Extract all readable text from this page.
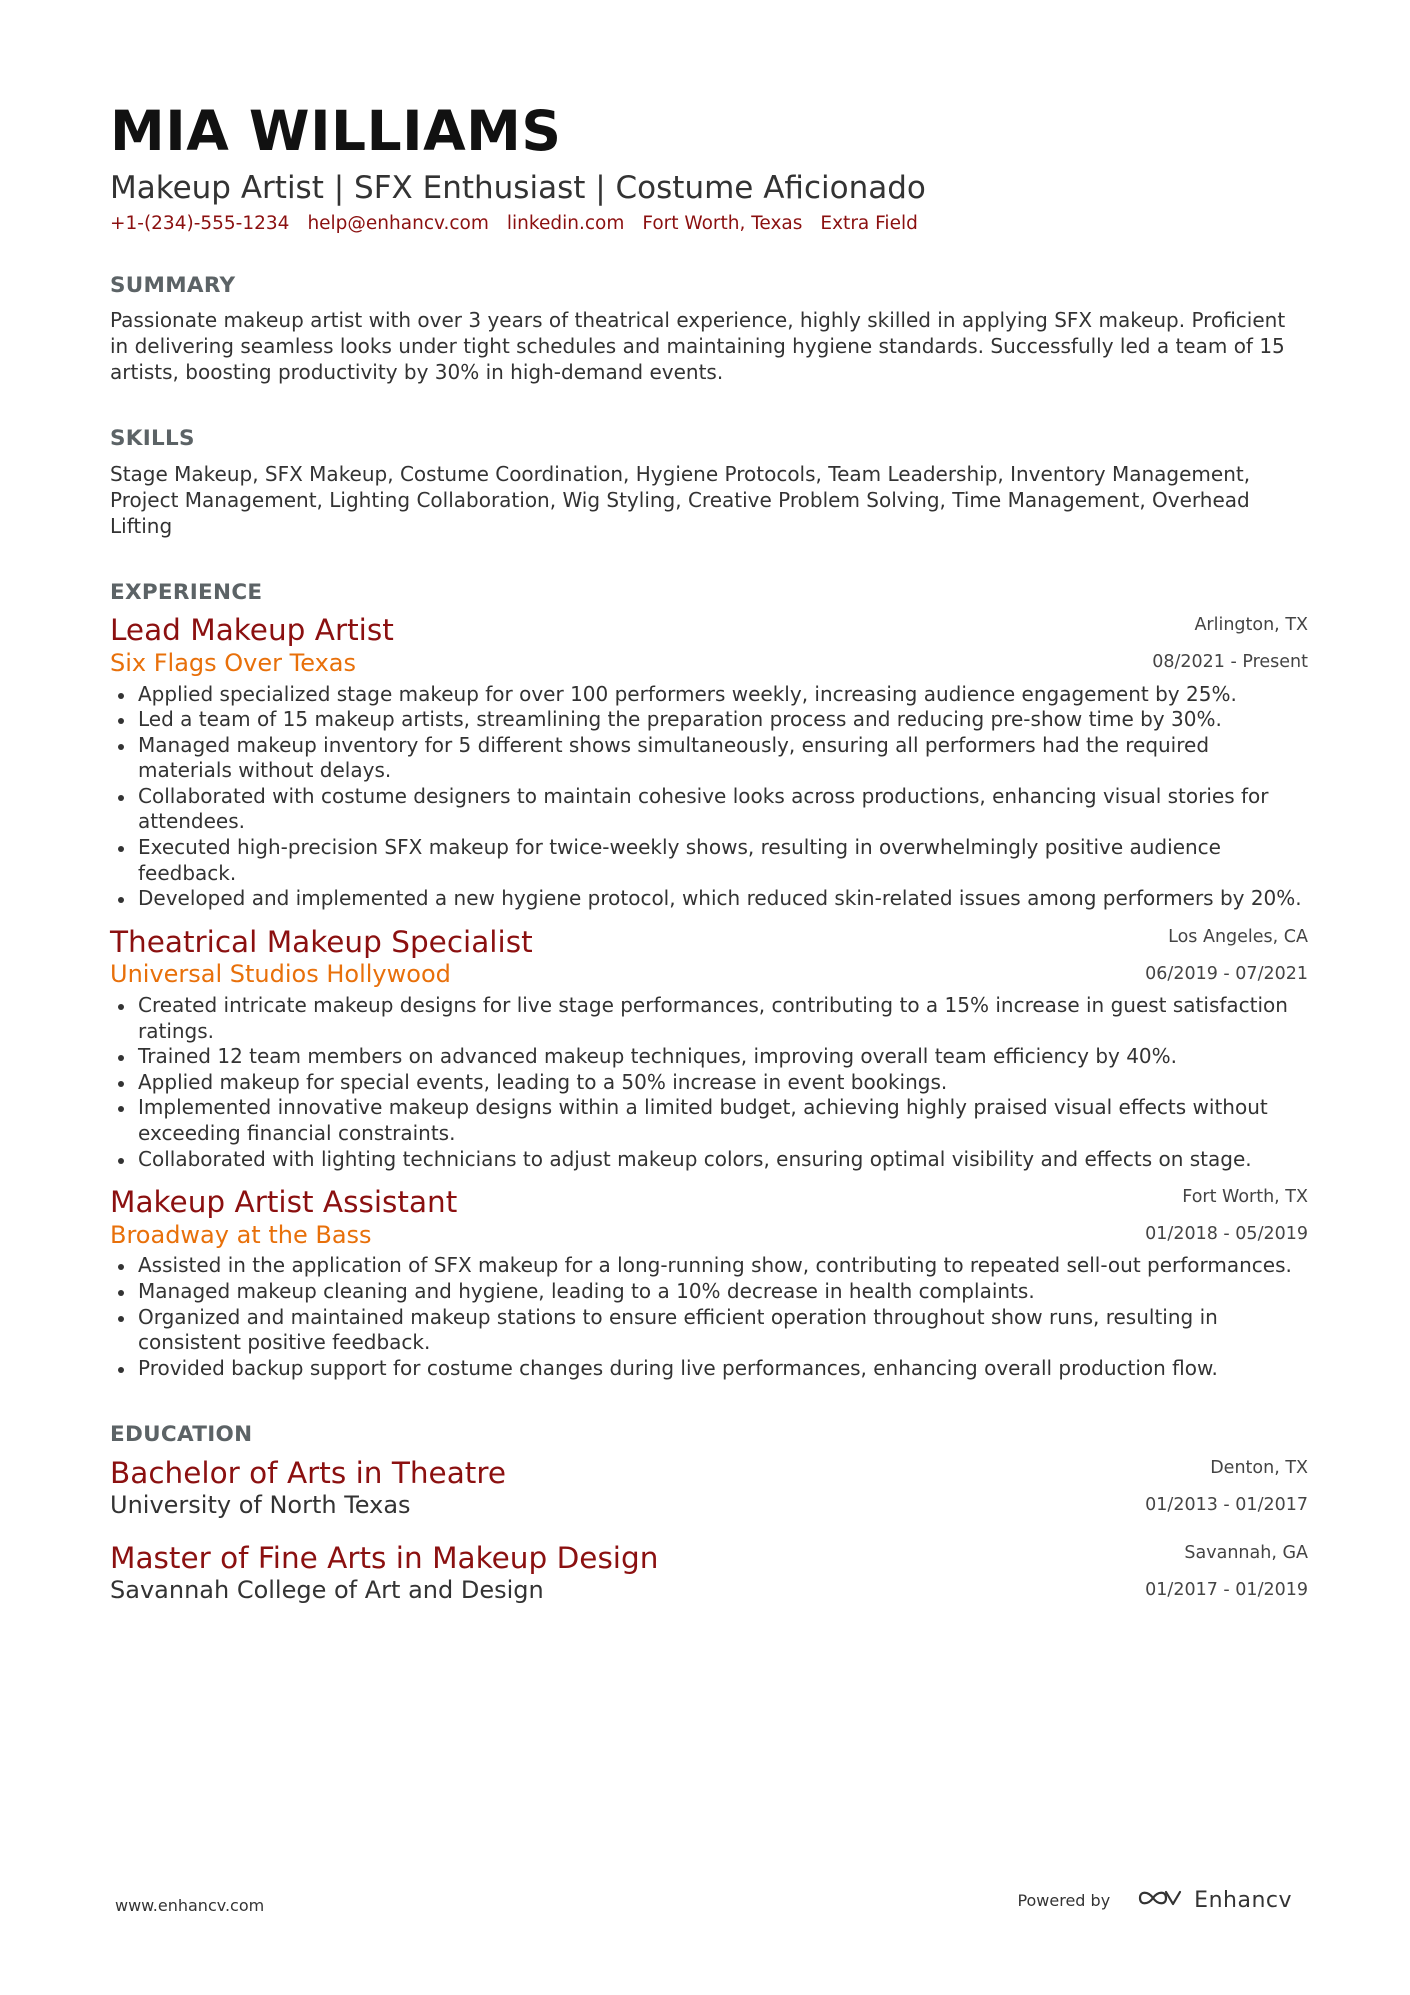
MIA WILLIAMS
Makeup Artist | SFX Enthusiast | Costume Aficionado
+1-(234)-555-1234 help@enhancv.com linkedin.com Fort Worth, Texas Extra Field
SUMMARY
Passionate makeup artist with over 3 years of theatrical experience, highly skilled in applying SFX makeup. Proficient in delivering seamless looks under tight schedules and maintaining hygiene standards. Successfully led a team of 15 artists, boosting productivity by 30% in high-demand events.
SKILLS
Stage Makeup, SFX Makeup, Costume Coordination, Hygiene Protocols, Team Leadership, Inventory Management, Project Management, Lighting Collaboration, Wig Styling, Creative Problem Solving, Time Management, Overhead Lifting
EXPERIENCE
Lead Makeup Artist	Arlington, TX
Six Flags Over Texas	08/2021 - Present
Applied specialized stage makeup for over 100 performers weekly, increasing audience engagement by 25%.
Led a team of 15 makeup artists, streamlining the preparation process and reducing pre-show time by 30%.
Managed makeup inventory for 5 different shows simultaneously, ensuring all performers had the required materials without delays.
Collaborated with costume designers to maintain cohesive looks across productions, enhancing visual stories for attendees.
Executed high-precision SFX makeup for twice-weekly shows, resulting in overwhelmingly positive audience feedback.
Developed and implemented a new hygiene protocol, which reduced skin-related issues among performers by 20%.
Theatrical Makeup Specialist	Los Angeles, CA
Universal Studios Hollywood	06/2019 - 07/2021
Created intricate makeup designs for live stage performances, contributing to a 15% increase in guest satisfaction ratings.
Trained 12 team members on advanced makeup techniques, improving overall team efficiency by 40%.
Applied makeup for special events, leading to a 50% increase in event bookings.
Implemented innovative makeup designs within a limited budget, achieving highly praised visual effects without exceeding financial constraints.
Collaborated with lighting technicians to adjust makeup colors, ensuring optimal visibility and effects on stage.
Makeup Artist Assistant	Fort Worth, TX
Broadway at the Bass	01/2018 - 05/2019
Assisted in the application of SFX makeup for a long-running show, contributing to repeated sell-out performances.
Managed makeup cleaning and hygiene, leading to a 10% decrease in health complaints.
Organized and maintained makeup stations to ensure efficient operation throughout show runs, resulting in consistent positive feedback.
Provided backup support for costume changes during live performances, enhancing overall production flow.
EDUCATION
Bachelor of Arts in Theatre	Denton, TX
University of North Texas	01/2013 - 01/2017
Master of Fine Arts in Makeup Design	Savannah, GA
Savannah College of Art and Design	01/2017 - 01/2019
www.enhancv.com	Powered by	Enhancv
